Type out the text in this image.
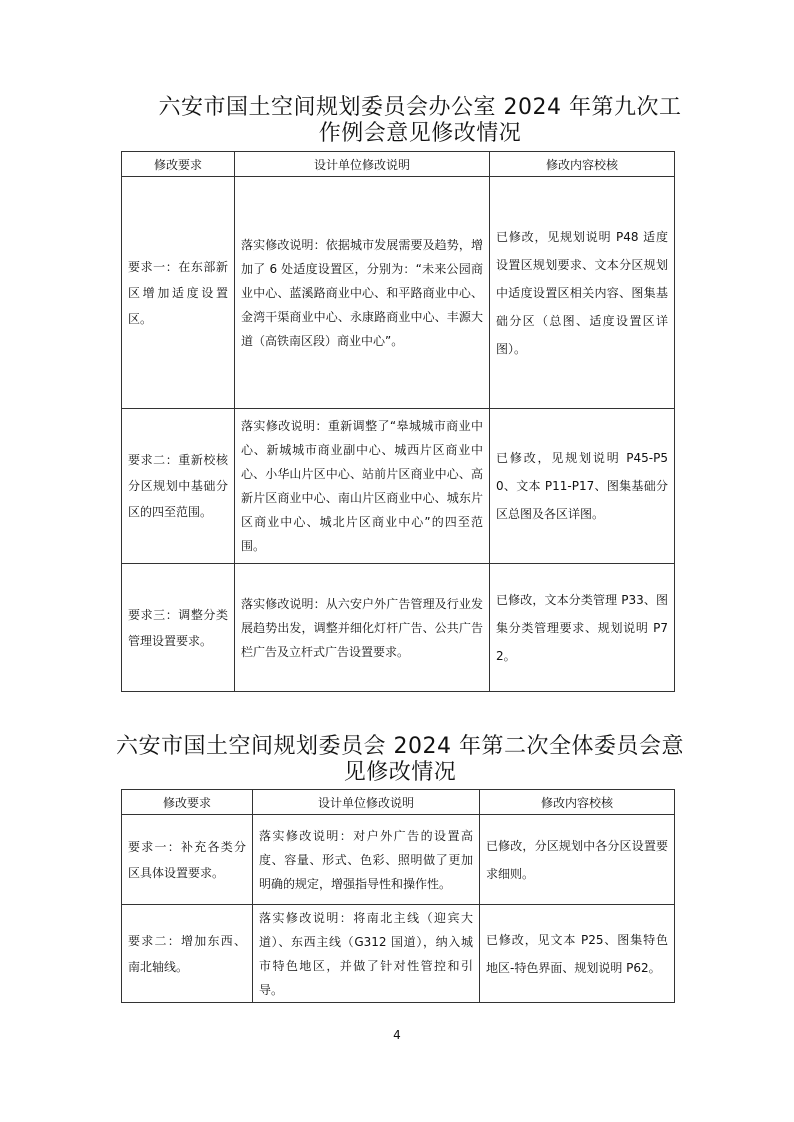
六安市国土空间规划委员会办公室 2024 年第九次工作例会意见修改情况
修改要求	设计单位修改说明	修改内容校核

要求一：在东部新区增加适度设置区。	落实修改说明：依据城市发展需要及趋势，增加了 6 处适度设置区，分别为：“未来公园商业中心、蓝溪路商业中心、和平路商业中心、金湾干渠商业中心、永康路商业中心、丰源大道（高铁南区段）商业中心”。	已修改，见规划说明 P48 适度设置区规划要求、文本分区规划中适度设置区相关内容、图集基础分区（总图、适度设置区详图）。

要求二：重新校核分区规划中基础分区的四至范围。	落实修改说明：重新调整了“皋城城市商业中心、新城城市商业副中心、城西片区商业中心、小华山片区中心、站前片区商业中心、高新片区商业中心、南山片区商业中心、城东片区商业中心、城北片区商业中心”的四至范围。	已修改，见规划说明 P45-P50、文本 P11-P17、图集基础分区总图及各区详图。

要求三：调整分类管理设置要求。	落实修改说明：从六安户外广告管理及行业发展趋势出发，调整并细化灯杆广告、公共广告栏广告及立杆式广告设置要求。	已修改，文本分类管理 P33、图集分类管理要求、规划说明 P72。
六安市国土空间规划委员会 2024 年第二次全体委员会意见修改情况
修改要求	设计单位修改说明	修改内容校核

要求一：补充各类分区具体设置要求。	落实修改说明：对户外广告的设置高度、容量、形式、色彩、照明做了更加明确的规定，增强指导性和操作性。	已修改，分区规划中各分区设置要求细则。

要求二：增加东西、南北轴线。	落实修改说明：将南北主线（迎宾大道）、东西主线（G312 国道），纳入城市特色地区，并做了针对性管控和引导。	已修改，见文本 P25、图集特色地区-特色界面、规划说明 P62。
4
